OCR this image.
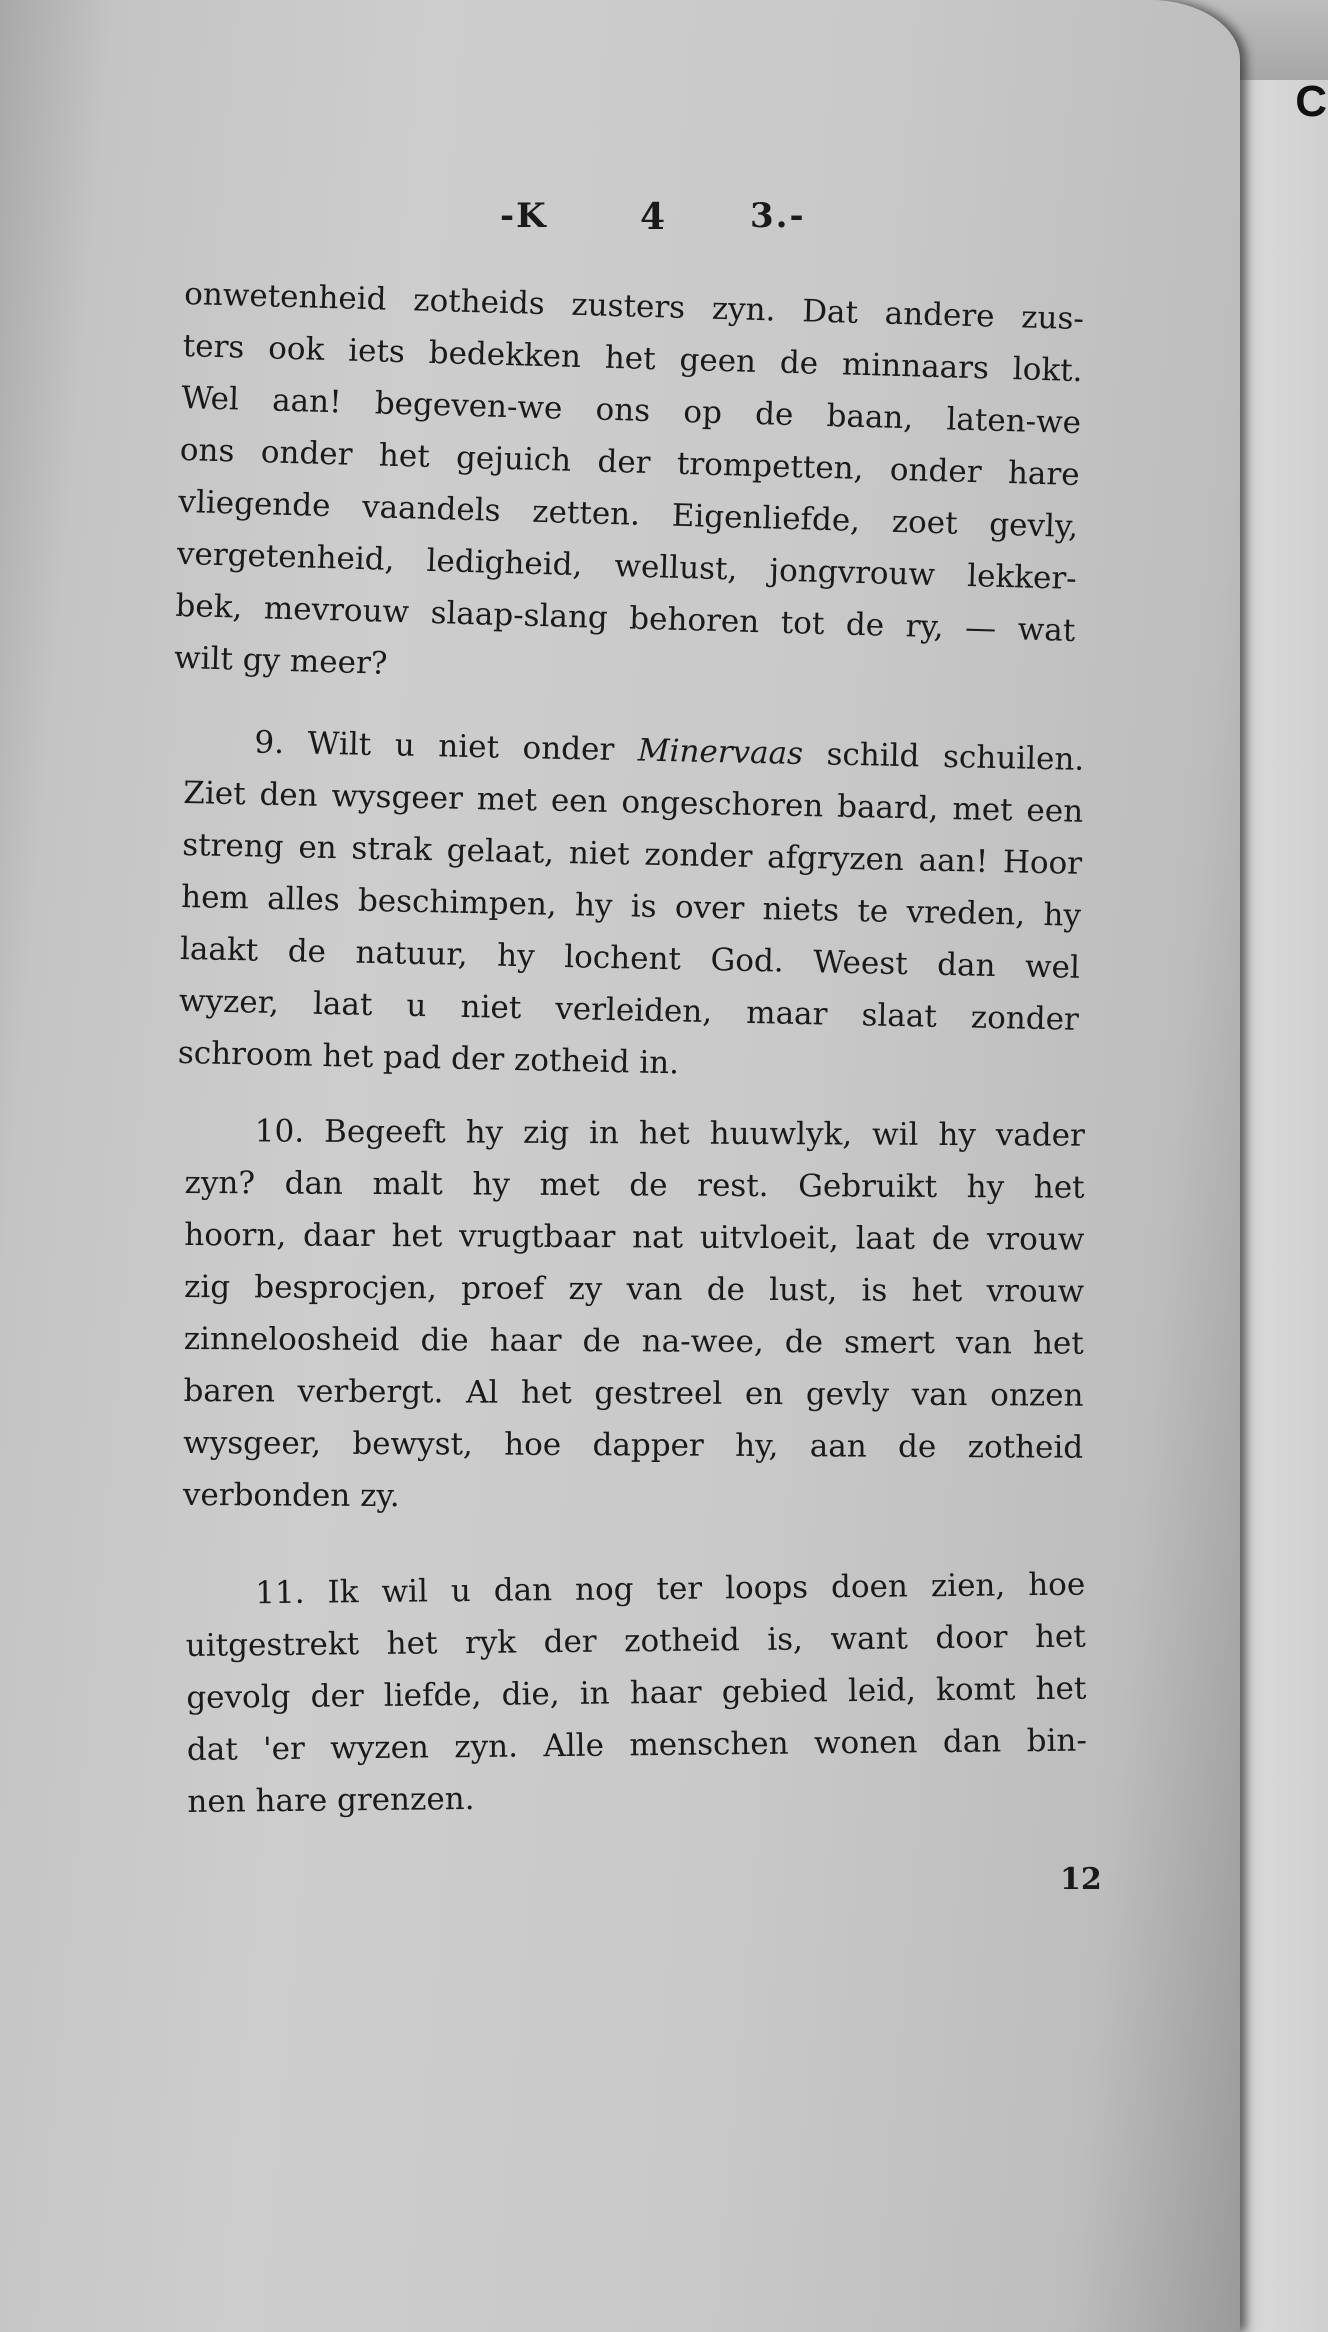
C

-K	4 3.-
onwetenheid zotheids zusters zyn. Dat andere zus-
ters ook iets bedekken het geen de minnaars lokt.
Wel aan! begeven-we ons op de baan, laten-we
ons onder het gejuich der trompetten, onder hare
vliegende vaandels zetten. Eigenliefde, zoet gevly,
vergetenheid, ledigheid, wellust, jongvrouw lekker-
bek, mevrouw slaap-slang behoren tot de ry, — wat
wilt gy meer?
9. Wilt u niet onder Minervaas schild schuilen.
Ziet den wysgeer met een ongeschoren baard, met een
streng en strak gelaat, niet zonder afgryzen aan! Hoor
hem alles beschimpen, hy is over niets te vreden, hy
laakt de natuur, hy lochent God. Weest dan wel
wyzer, laat u niet verleiden, maar slaat zonder
schroom het pad der zotheid in.
10. Begeeft hy zig in het huuwlyk, wil hy vader
zyn? dan malt hy met de rest. Gebruikt hy het
hoorn, daar het vrugtbaar nat uitvloeit, laat de vrouw
zig besprocjen, proef zy van de lust, is het vrouw
zinneloosheid die haar de na-wee, de smert van het
baren verbergt. Al het gestreel en gevly van onzen
wysgeer, bewyst, hoe dapper hy, aan de zotheid
verbonden zy.
11. Ik wil u dan nog ter loops doen zien, hoe
uitgestrekt het ryk der zotheid is, want door het
gevolg der liefde, die, in haar gebied leid, komt het
dat 'er wyzen zyn. Alle menschen wonen dan bin-
nen hare grenzen.
12
